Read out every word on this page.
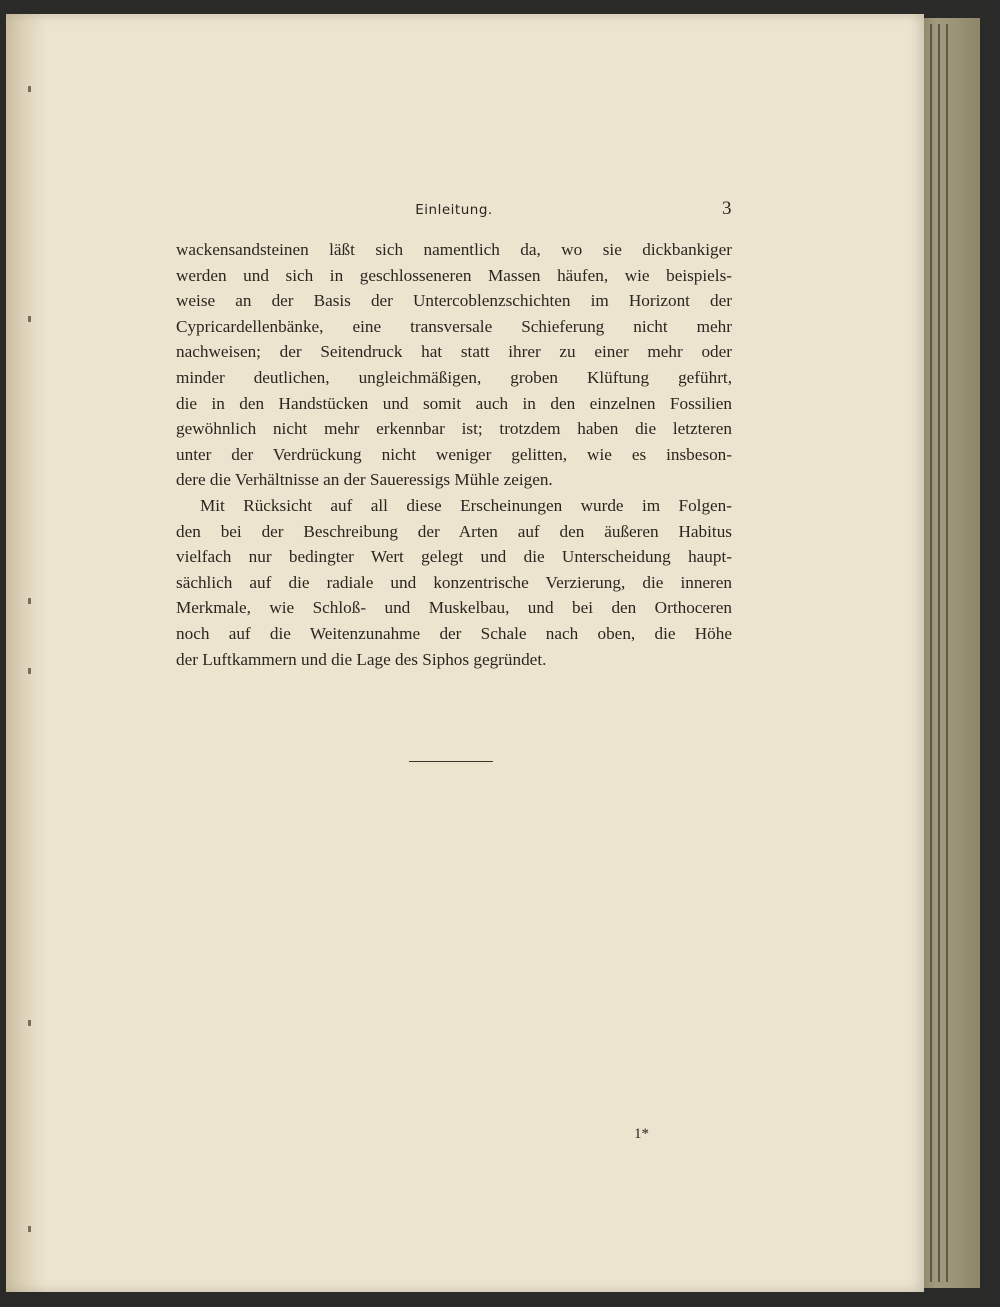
Einleitung.	3

wackensandsteinen läßt sich namentlich da, wo sie dickbankiger
werden und sich in geschlosseneren Massen häufen, wie beispiels-
weise an der Basis der Untercoblenzschichten im Horizont der
Cypricardellenbänke, eine transversale Schieferung nicht mehr
nachweisen; der Seitendruck hat statt ihrer zu einer mehr oder
minder deutlichen, ungleichmäßigen, groben Klüftung geführt,
die in den Handstücken und somit auch in den einzelnen Fossilien
gewöhnlich nicht mehr erkennbar ist; trotzdem haben die letzteren
unter der Verdrückung nicht weniger gelitten, wie es insbeson-
dere die Verhältnisse an der Saueressigs Mühle zeigen.

Mit Rücksicht auf all diese Erscheinungen wurde im Folgen-
den bei der Beschreibung der Arten auf den äußeren Habitus
vielfach nur bedingter Wert gelegt und die Unterscheidung haupt-
sächlich auf die radiale und konzentrische Verzierung, die inneren
Merkmale, wie Schloß- und Muskelbau, und bei den Orthoceren
noch auf die Weitenzunahme der Schale nach oben, die Höhe
der Luftkammern und die Lage des Siphos gegründet.

1*
